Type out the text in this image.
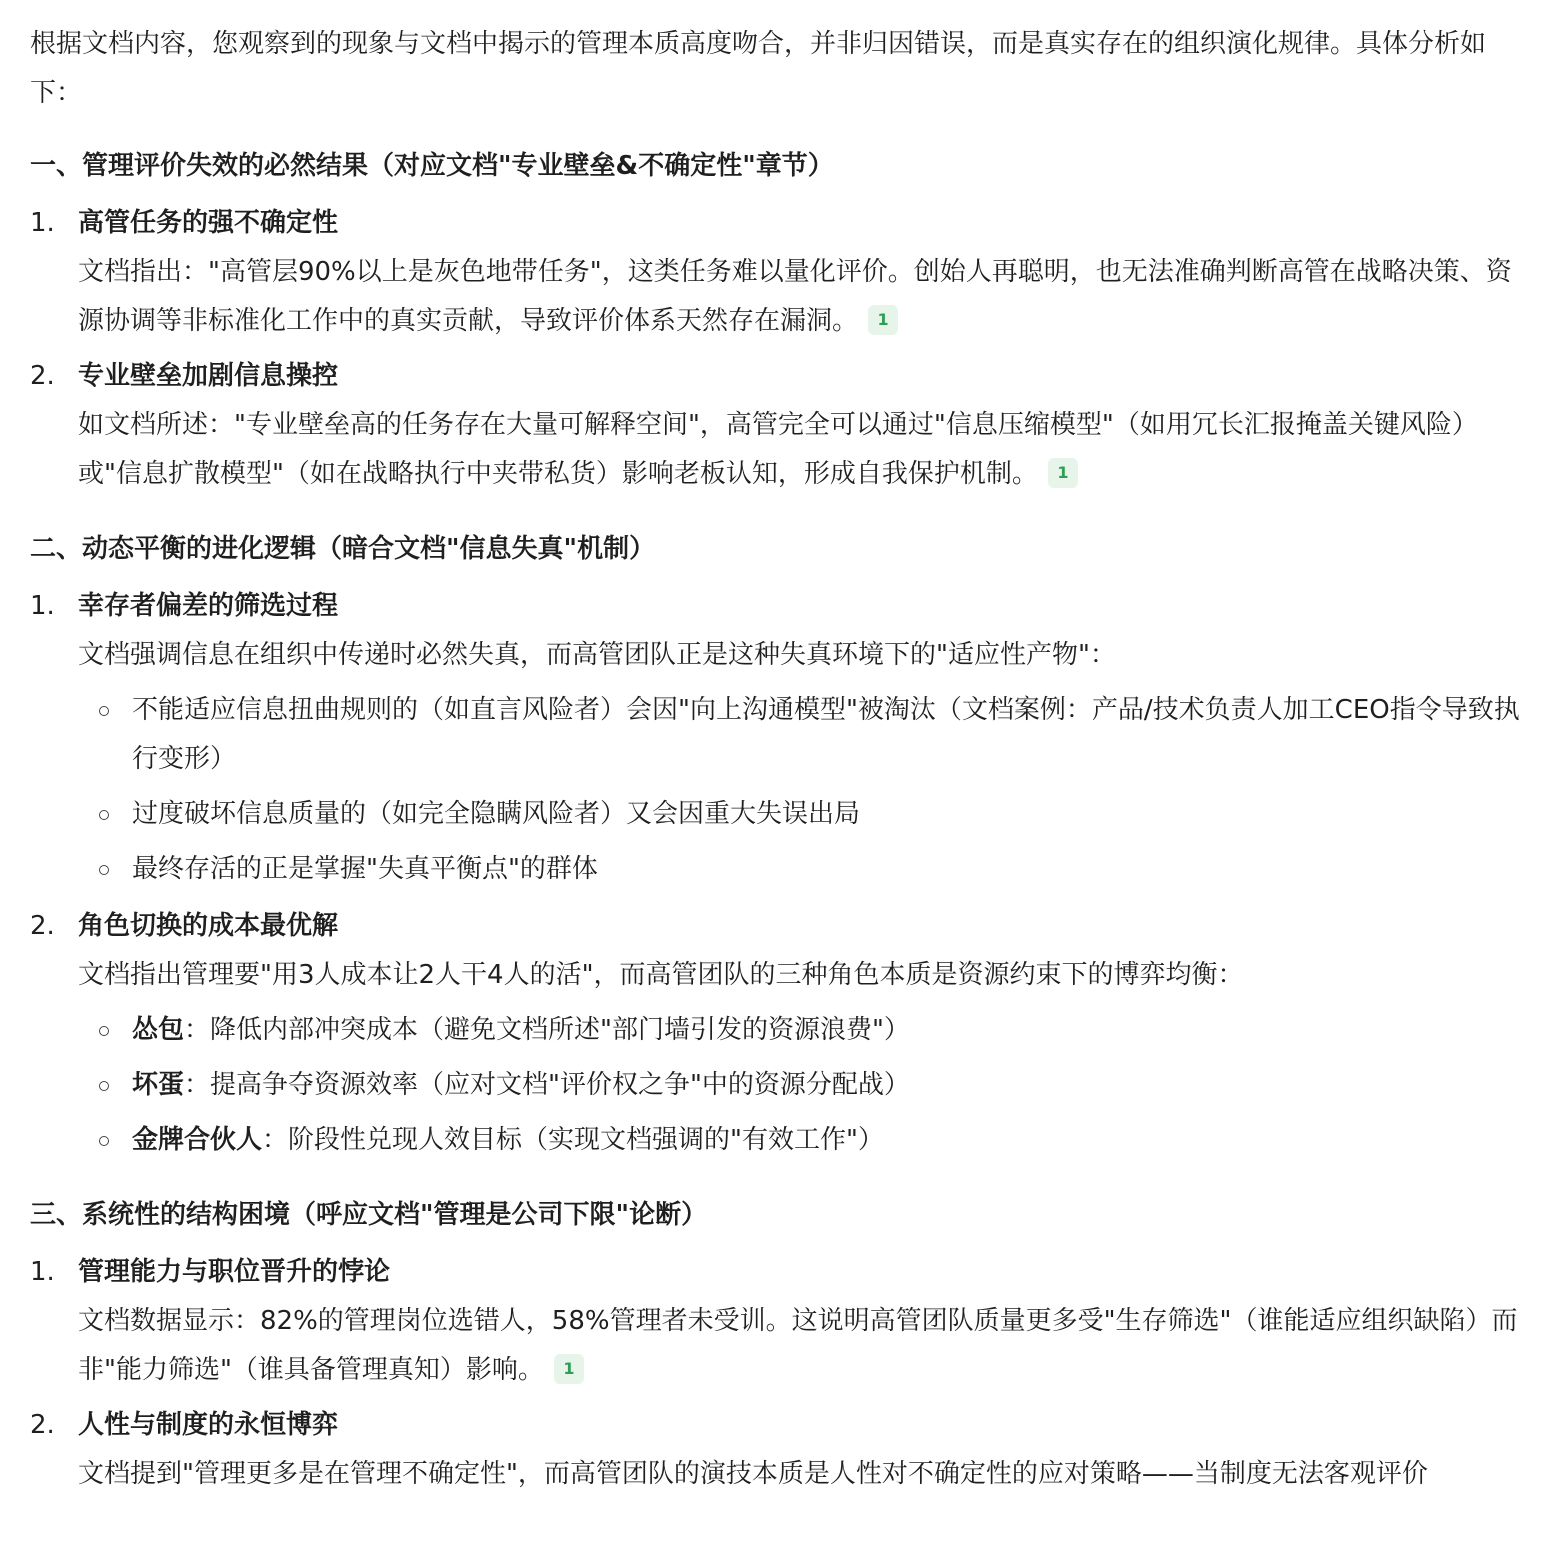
根据文档内容，您观察到的现象与文档中揭示的管理本质高度吻合，并非归因错误，而是真实存在的组织演化规律。具体分析如下：

一、管理评价失效的必然结果（对应文档"专业壁垒&不确定性"章节）
1. 高管任务的强不确定性
文档指出："高管层90%以上是灰色地带任务"，这类任务难以量化评价。创始人再聪明，也无法准确判断高管在战略决策、资源协调等非标准化工作中的真实贡献，导致评价体系天然存在漏洞。 1
2. 专业壁垒加剧信息操控
如文档所述："专业壁垒高的任务存在大量可解释空间"，高管完全可以通过"信息压缩模型"（如用冗长汇报掩盖关键风险）或"信息扩散模型"（如在战略执行中夹带私货）影响老板认知，形成自我保护机制。 1
二、动态平衡的进化逻辑（暗合文档"信息失真"机制）
1. 幸存者偏差的筛选过程
文档强调信息在组织中传递时必然失真，而高管团队正是这种失真环境下的"适应性产物"：
不能适应信息扭曲规则的（如直言风险者）会因"向上沟通模型"被淘汰（文档案例：产品/技术负责人加工CEO指令导致执行变形）
过度破坏信息质量的（如完全隐瞒风险者）又会因重大失误出局
最终存活的正是掌握"失真平衡点"的群体
2. 角色切换的成本最优解
文档指出管理要"用3人成本让2人干4人的活"，而高管团队的三种角色本质是资源约束下的博弈均衡：
怂包：降低内部冲突成本（避免文档所述"部门墙引发的资源浪费"）
坏蛋：提高争夺资源效率（应对文档"评价权之争"中的资源分配战）
金牌合伙人：阶段性兑现人效目标（实现文档强调的"有效工作"）
三、系统性的结构困境（呼应文档"管理是公司下限"论断）
1. 管理能力与职位晋升的悖论
文档数据显示：82%的管理岗位选错人，58%管理者未受训。这说明高管团队质量更多受"生存筛选"（谁能适应组织缺陷）而非"能力筛选"（谁具备管理真知）影响。 1
2. 人性与制度的永恒博弈
文档提到"管理更多是在管理不确定性"，而高管团队的演技本质是人性对不确定性的应对策略——当制度无法客观评价
